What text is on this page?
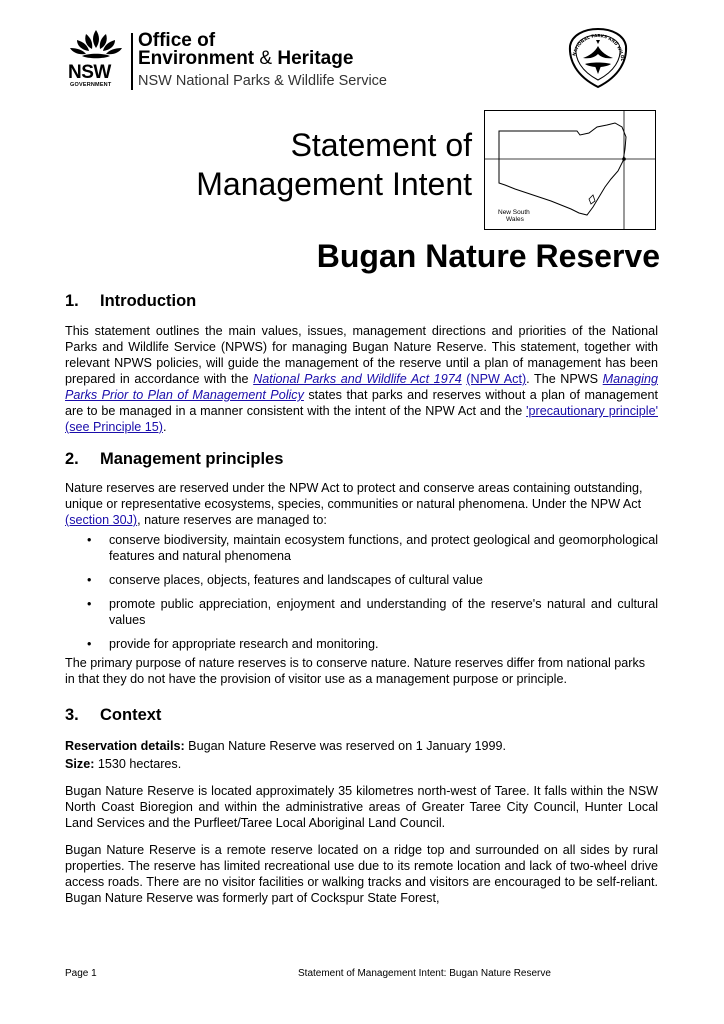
NSW
GOVERNMENT
Office of
Environment & Heritage
NSW National Parks & Wildlife Service
NATIONAL PARKS AND WILDL
Statement of
Management Intent
New South
Wales
Bugan Nature Reserve
1. Introduction

This statement outlines the main values, issues, management directions and priorities of the National Parks and Wildlife Service (NPWS) for managing Bugan Nature Reserve. This statement, together with relevant NPWS policies, will guide the management of the reserve until a plan of management has been prepared in accordance with the National Parks and Wildlife Act 1974 (NPW Act). The NPWS Managing Parks Prior to Plan of Management Policy states that parks and reserves without a plan of management are to be managed in a manner consistent with the intent of the NPW Act and the 'precautionary principle' (see Principle 15).

2. Management principles

Nature reserves are reserved under the NPW Act to protect and conserve areas containing outstanding, unique or representative ecosystems, species, communities or natural phenomena. Under the NPW Act (section 30J), nature reserves are managed to:

• conserve biodiversity, maintain ecosystem functions, and protect geological and geomorphological features and natural phenomena
• conserve places, objects, features and landscapes of cultural value
• promote public appreciation, enjoyment and understanding of the reserve's natural and cultural values
• provide for appropriate research and monitoring.

The primary purpose of nature reserves is to conserve nature. Nature reserves differ from national parks in that they do not have the provision of visitor use as a management purpose or principle.

3. Context

Reservation details: Bugan Nature Reserve was reserved on 1 January 1999.

Size: 1530 hectares.

Bugan Nature Reserve is located approximately 35 kilometres north-west of Taree. It falls within the NSW North Coast Bioregion and within the administrative areas of Greater Taree City Council, Hunter Local Land Services and the Purfleet/Taree Local Aboriginal Land Council.

Bugan Nature Reserve is a remote reserve located on a ridge top and surrounded on all sides by rural properties. The reserve has limited recreational use due to its remote location and lack of two-wheel drive access roads. There are no visitor facilities or walking tracks and visitors are encouraged to be self-reliant. Bugan Nature Reserve was formerly part of Cockspur State Forest,

Page 1	Statement of Management Intent: Bugan Nature Reserve
